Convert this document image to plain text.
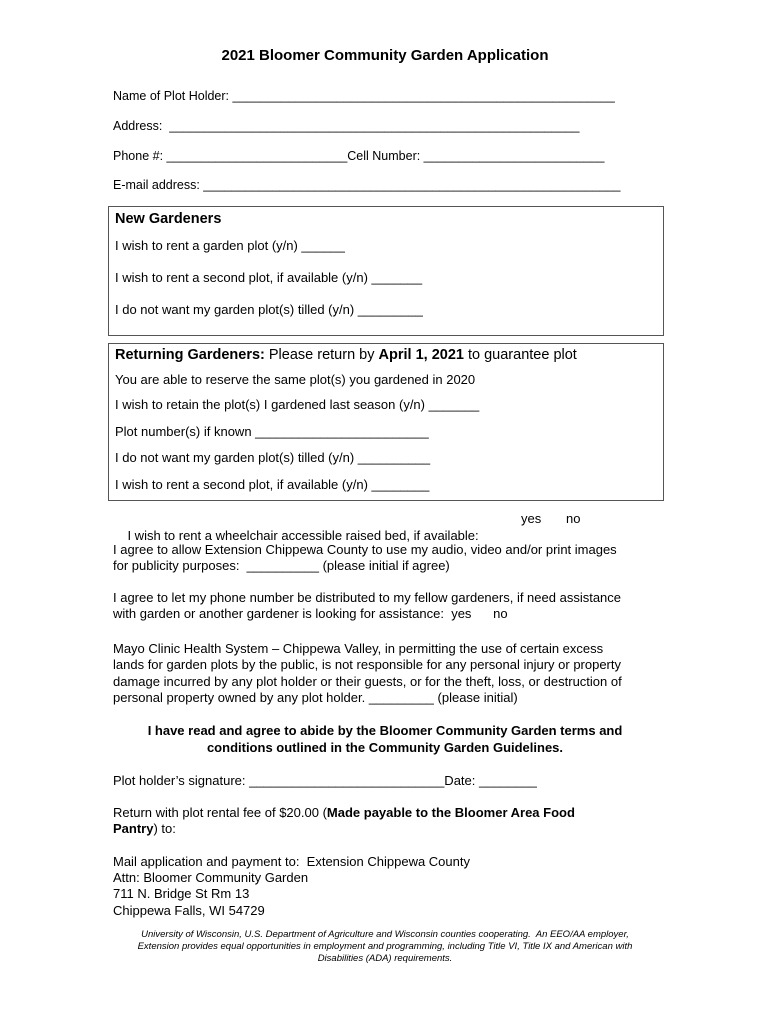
2021 Bloomer Community Garden Application
Name of Plot Holder: _______________________________________________________
Address:  ___________________________________________________________
Phone #: __________________________Cell Number: __________________________
E-mail address: ____________________________________________________________
New Gardeners
I wish to rent a garden plot (y/n) ______
I wish to rent a second plot, if available (y/n) _______
I do not want my garden plot(s) tilled (y/n) _________
Returning Gardeners: Please return by April 1, 2021 to guarantee plot
You are able to reserve the same plot(s) you gardened in 2020
I wish to retain the plot(s) I gardened last season (y/n) _______
Plot number(s) if known ________________________
I do not want my garden plot(s) tilled (y/n) __________
I wish to rent a second plot, if available (y/n) ________

I wish to rent a wheelchair accessible raised bed, if available:

yes no
I agree to allow Extension Chippewa County to use my audio, video and/or print images
for publicity purposes:  __________ (please initial if agree)
I agree to let my phone number be distributed to my fellow gardeners, if need assistance
with garden or another gardener is looking for assistance:  yes      no
Mayo Clinic Health System – Chippewa Valley, in permitting the use of certain excess
lands for garden plots by the public, is not responsible for any personal injury or property
damage incurred by any plot holder or their guests, or for the theft, loss, or destruction of
personal property owned by any plot holder. _________ (please initial)
I have read and agree to abide by the Bloomer Community Garden terms and
conditions outlined in the Community Garden Guidelines.
Plot holder’s signature: ___________________________Date: ________
Return with plot rental fee of $20.00 (Made payable to the Bloomer Area Food
Pantry) to:
Mail application and payment to:  Extension Chippewa County
Attn: Bloomer Community Garden
711 N. Bridge St Rm 13
Chippewa Falls, WI 54729
University of Wisconsin, U.S. Department of Agriculture and Wisconsin counties cooperating.  An EEO/AA employer,
Extension provides equal opportunities in employment and programming, including Title VI, Title IX and American with
Disabilities (ADA) requirements.
